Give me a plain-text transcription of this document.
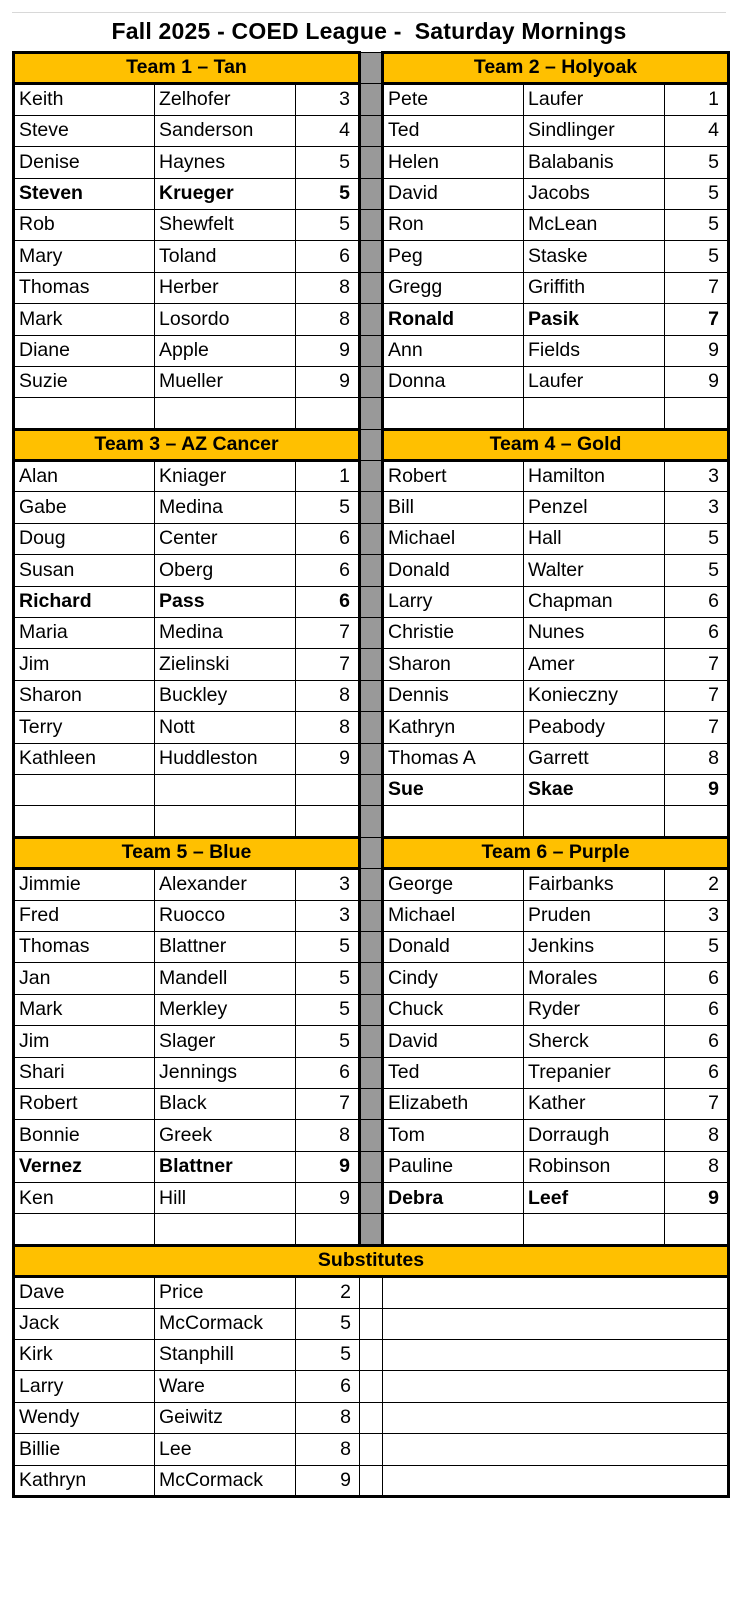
Fall 2025 - COED League -  Saturday Mornings
Team 1 – Tan				Team 2 – Holyoak		
Keith	Zelhofer	3		Pete	Laufer	1
Steve	Sanderson	4		Ted	Sindlinger	4
Denise	Haynes	5		Helen	Balabanis	5
Steven	Krueger	5		David	Jacobs	5
Rob	Shewfelt	5		Ron	McLean	5
Mary	Toland	6		Peg	Staske	5
Thomas	Herber	8		Gregg	Griffith	7
Mark	Losordo	8		Ronald	Pasik	7
Diane	Apple	9		Ann	Fields	9
Suzie	Mueller	9		Donna	Laufer	9

Team 3 – AZ Cancer				Team 4 – Gold		
Alan	Kniager	1		Robert	Hamilton	3
Gabe	Medina	5		Bill	Penzel	3
Doug	Center	6		Michael	Hall	5
Susan	Oberg	6		Donald	Walter	5
Richard	Pass	6		Larry	Chapman	6
Maria	Medina	7		Christie	Nunes	6
Jim	Zielinski	7		Sharon	Amer	7
Sharon	Buckley	8		Dennis	Konieczny	7
Terry	Nott	8		Kathryn	Peabody	7
Kathleen	Huddleston	9		Thomas A	Garrett	8
				Sue	Skae	9

Team 5 – Blue				Team 6 – Purple		
Jimmie	Alexander	3		George	Fairbanks	2
Fred	Ruocco	3		Michael	Pruden	3
Thomas	Blattner	5		Donald	Jenkins	5
Jan	Mandell	5		Cindy	Morales	6
Mark	Merkley	5		Chuck	Ryder	6
Jim	Slager	5		David	Sherck	6
Shari	Jennings	6		Ted	Trepanier	6
Robert	Black	7		Elizabeth	Kather	7
Bonnie	Greek	8		Tom	Dorraugh	8
Vernez	Blattner	9		Pauline	Robinson	8
Ken	Hill	9		Debra	Leef	9

Substitutes						
Dave	Price	2				
Jack	McCormack	5				
Kirk	Stanphill	5				
Larry	Ware	6				
Wendy	Geiwitz	8				
Billie	Lee	8				
Kathryn	McCormack	9				
